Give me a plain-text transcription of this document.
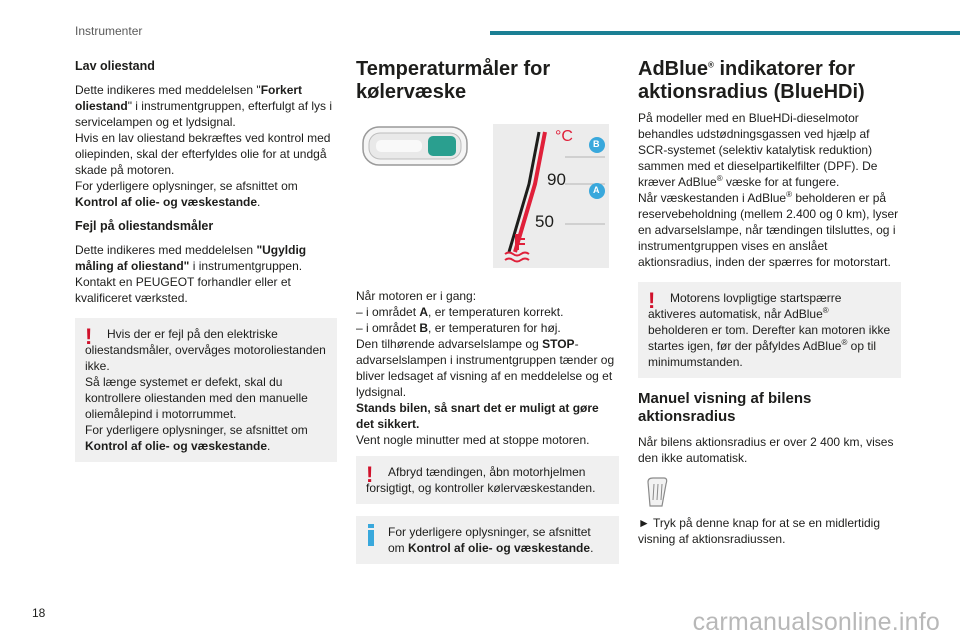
Instrumenter
Lav oliestand

Dette indikeres med meddelelsen "Forkert oliestand" i instrumentgruppen, efterfulgt af lys i servicelampen og et lydsignal.
Hvis en lav oliestand bekræftes ved kontrol med oliepinden, skal der efterfyldes olie for at undgå skade på motoren.
For yderligere oplysninger, se afsnittet om
Kontrol af olie- og væskestande.

Fejl på oliestandsmåler

Dette indikeres med meddelelsen "Ugyldig måling af oliestand" i instrumentgruppen.
Kontakt en PEUGEOT forhandler eller et kvalificeret værksted.

!	Hvis der er fejl på den elektriske oliestandsmåler, overvåges motoroliestanden ikke.
Så længe systemet er defekt, skal du kontrollere oliestanden med den manuelle oliemålepind i motorrummet.
For yderligere oplysninger, se afsnittet om
Kontrol af olie- og væskestande.

Temperaturmåler for kølervæske
°C
90
50
B
A

Når motoren er i gang:
– i området A, er temperaturen korrekt.
– i området B, er temperaturen for høj.
Den tilhørende advarselslampe og STOP-advarselslampen i instrumentgruppen tænder og bliver ledsaget af visning af en meddelelse og et lydsignal.
Stands bilen, så snart det er muligt at gøre det sikkert.
Vent nogle minutter med at stoppe motoren.

!	Afbryd tændingen, åbn motorhjelmen forsigtigt, og kontroller kølervæskestanden.

For yderligere oplysninger, se afsnittet om Kontrol af olie- og væskestande.

AdBlue® indikatorer for aktionsradius (BlueHDi)

På modeller med en BlueHDi-dieselmotor behandles udstødningsgassen ved hjælp af SCR-systemet (selektiv katalytisk reduktion) sammen med et dieselpartikelfilter (DPF). De kræver AdBlue® væske for at fungere.
Når væskestanden i AdBlue® beholderen er på reservebeholdning (mellem 2.400 og 0 km), lyser en advarselslampe, når tændingen tilsluttes, og i instrumentgruppen vises en anslået aktionsradius, inden der spærres for motorstart.

!	Motorens lovpligtige startspærre aktiveres automatisk, når AdBlue® beholderen er tom. Derefter kan motoren ikke startes igen, før der påfyldes AdBlue® op til minimumstanden.

Manuel visning af bilens aktionsradius

Når bilens aktionsradius er over 2 400 km, vises den ikke automatisk.

► Tryk på denne knap for at se en midlertidig visning af aktionsradiussen.

18	carmanualsonline.info
